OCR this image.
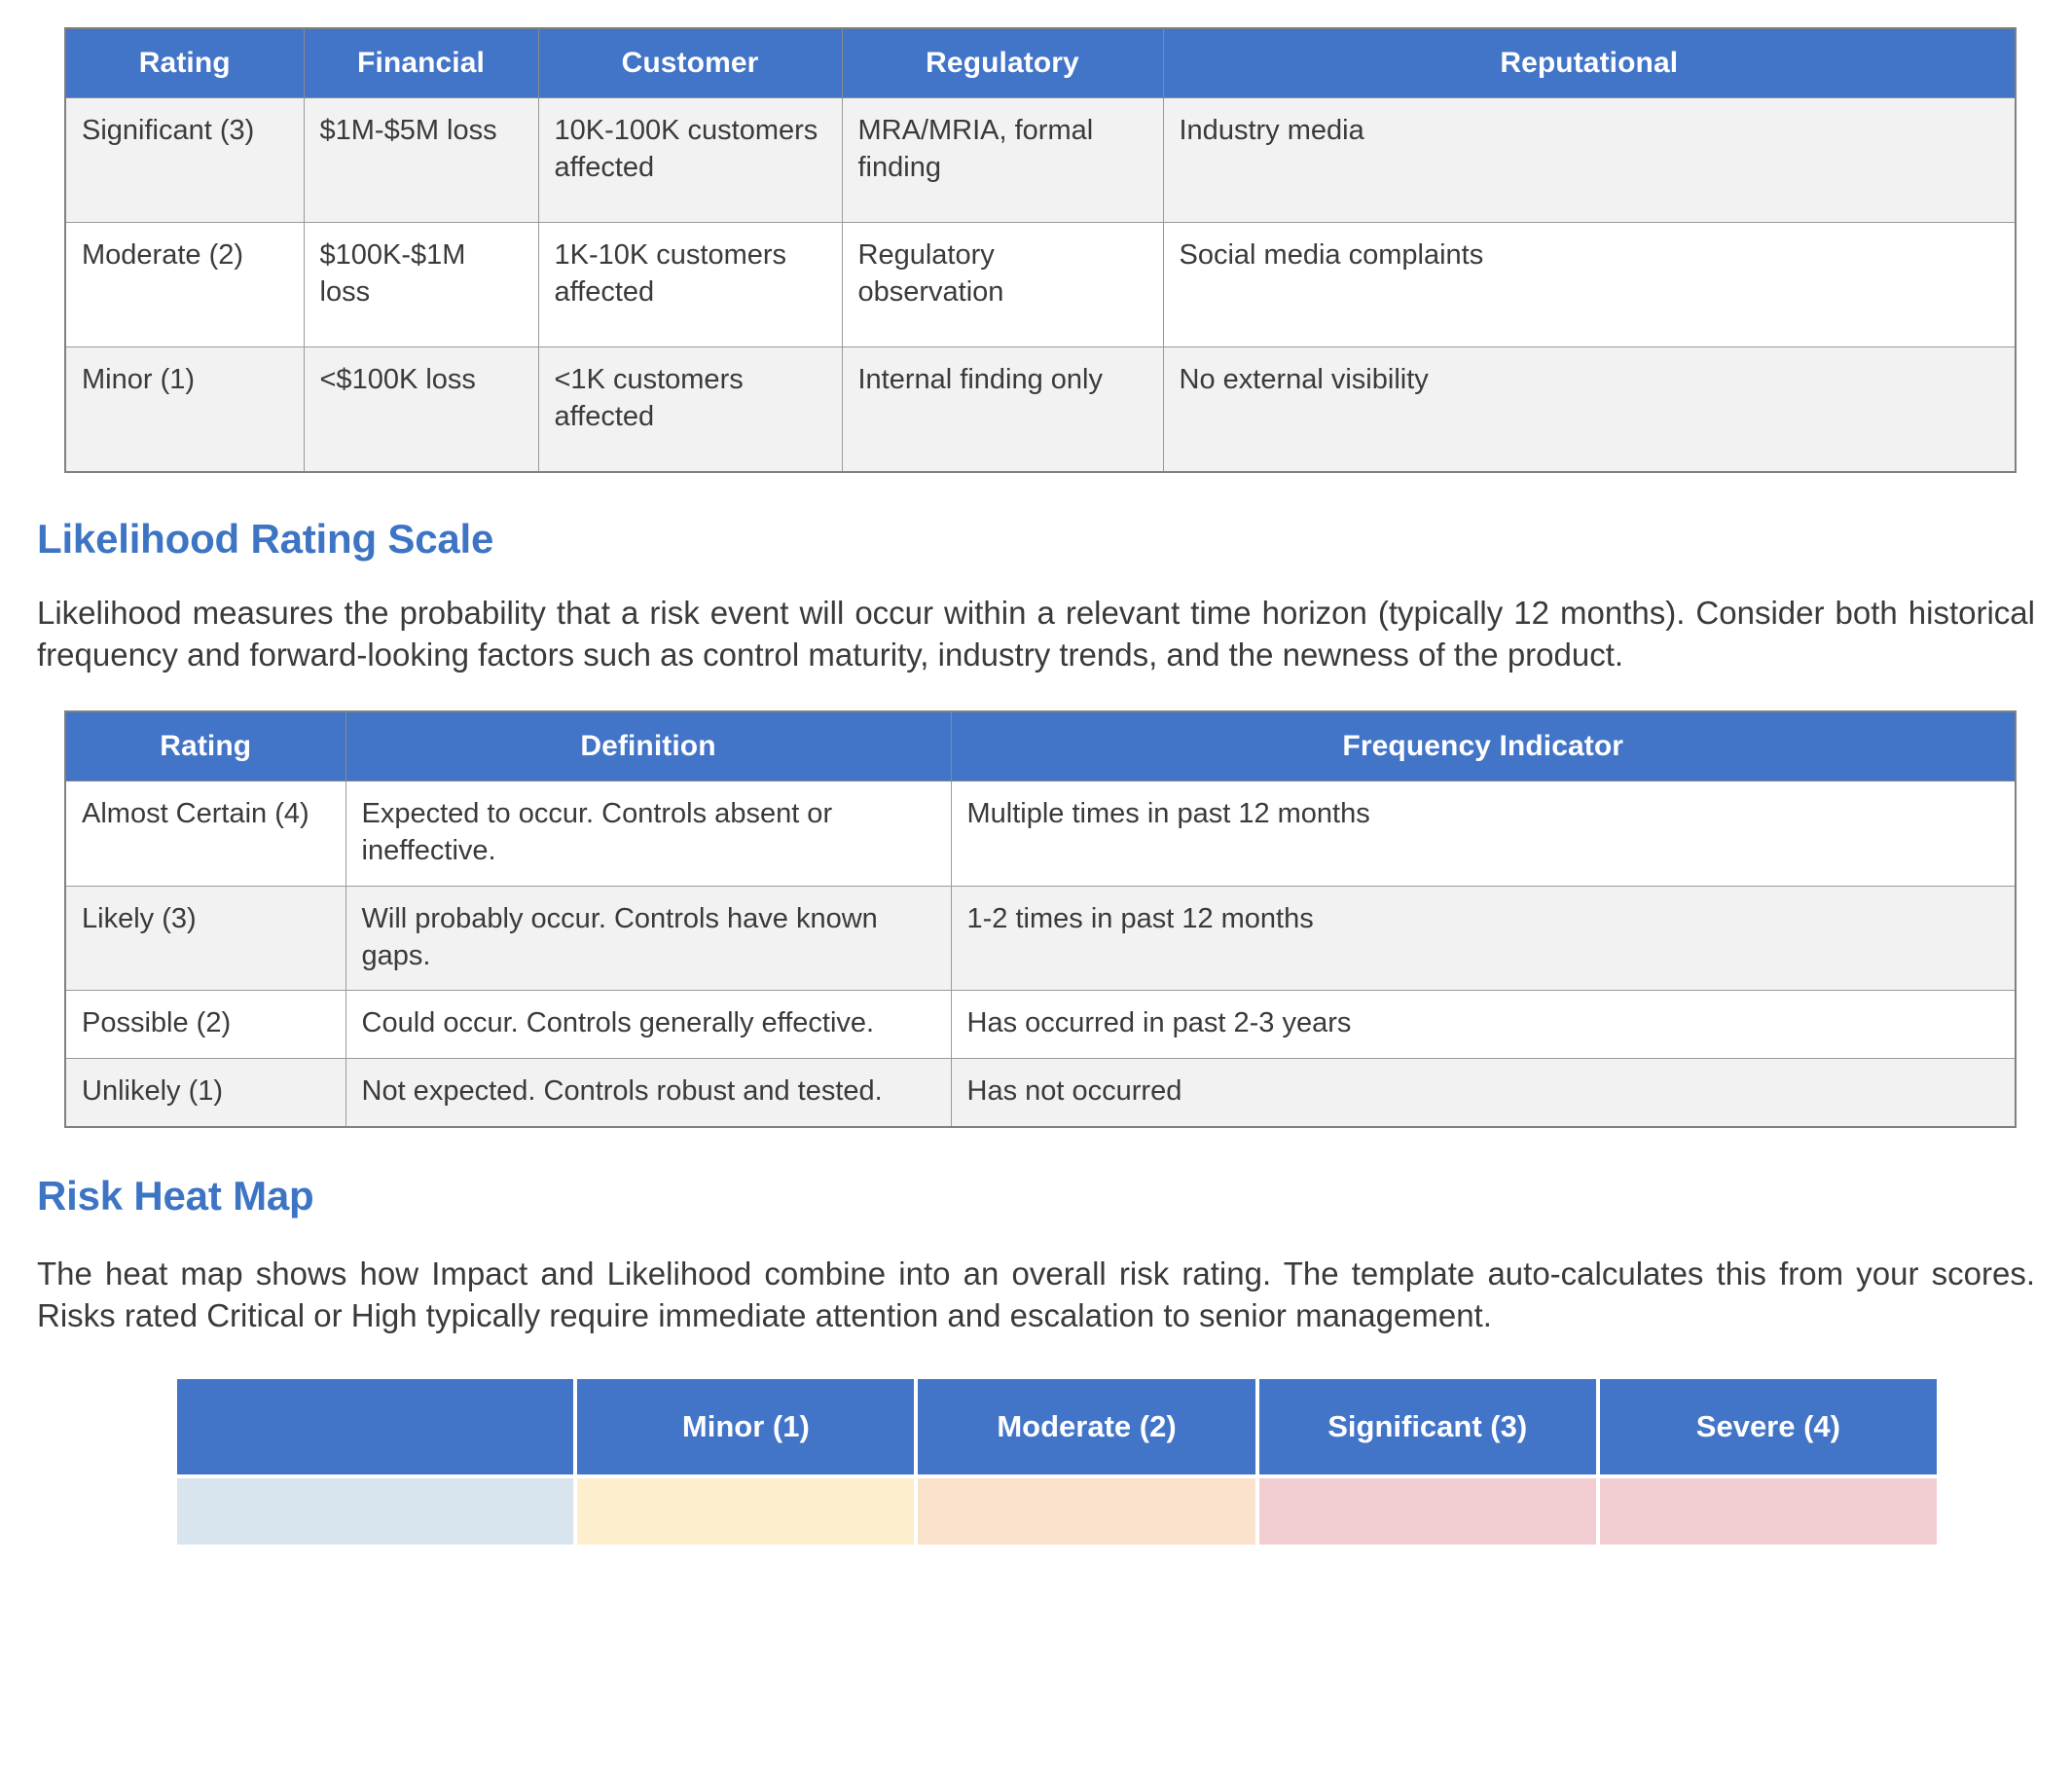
Rating	Financial	Customer	Regulatory	Reputational
Significant (3)	$1M-$5M loss	10K-100K customers affected	MRA/MRIA, formal finding	Industry media
Moderate (2)	$100K-$1M loss	1K-10K customers affected	Regulatory observation	Social media complaints
Minor (1)	<$100K loss	<1K customers affected	Internal finding only	No external visibility
Likelihood Rating Scale

Likelihood measures the probability that a risk event will occur within a relevant time horizon (typically 12 months). Consider both historical frequency and forward-looking factors such as control maturity, industry trends, and the newness of the product.

Rating	Definition	Frequency Indicator
Almost Certain (4)	Expected to occur. Controls absent or ineffective.	Multiple times in past 12 months
Likely (3)	Will probably occur. Controls have known gaps.	1-2 times in past 12 months
Possible (2)	Could occur. Controls generally effective.	Has occurred in past 2-3 years
Unlikely (1)	Not expected. Controls robust and tested.	Has not occurred
Risk Heat Map

The heat map shows how Impact and Likelihood combine into an overall risk rating. The template auto-calculates this from your scores. Risks rated Critical or High typically require immediate attention and escalation to senior management.

	Minor (1)	Moderate (2)	Significant (3)	Severe (4)
